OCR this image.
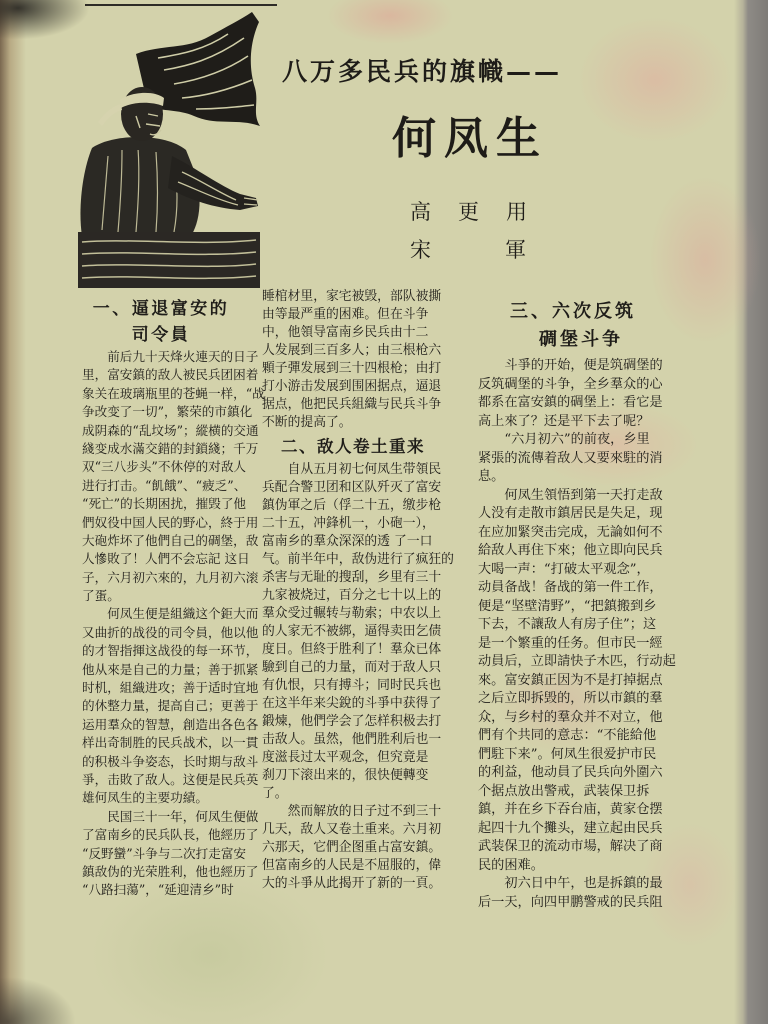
八万多民兵的旗幟——
何凤生
高更用
宋軍
一、逼退富安的
司令員
前后九十天烽火連天的日子
里，富安鎮的敌人被民兵团困着
象关在玻璃瓶里的苍蝇一样，“战
争改变了一切”，繁荣的市鎮化
成阴森的“乱坟场”；縱横的交通
綫变成水滿交錯的封鎖綫；千万
双“三八步头”不休停的对敌人
进行打击。“飢餓”、“疲乏”、
“死亡”的长期困扰，摧毁了他
們奴役中国人民的野心，終于用
大砲炸坏了他們自己的碉堡，敌
人慘敗了！人們不会忘記 这日
子，六月初六來的，九月初六滚
了蛋。
何凤生便是組織这个鉅大而
又曲折的战役的司令員，他以他
的才智指揮这战役的每一环节，
他从來是自己的力量；善于抓紧
时机，組織进攻；善于适时宜地
的休整力量，提高自己；更善于
运用羣众的智慧，創造出各色各
样出奇制胜的民兵战术，以一貫
的积极斗争姿态，长时期与敌斗
爭，击敗了敌人。这便是民兵英
雄何凤生的主要功績。
民国三十一年，何凤生便做
了富南乡的民兵队長，他經历了
“反野蠻”斗争与二次打走富安
鎮敌伪的光荣胜利，他也經历了
“八路扫蕩”，“延迎清乡”时
睡棺材里，家宅被毁，部队被撕
由等最严重的困难。但在斗争
中，他領导富南乡民兵由十二
人发展到三百多人；由三根枪六
顆子彈发展到三十四根枪；由打
打小游击发展到围困据点，逼退
据点，他把民兵組織与民兵斗争
不断的提高了。
二、敌人卷土重来
自从五月初七何凤生带領民
兵配合警卫团和区队歼灭了富安
鎮伪軍之后（俘二十五，缴步枪
二十五，冲鋒机一，小砲一），
富南乡的羣众深深的透 了一口
气。前半年中，敌伪进行了疯狂的
杀害与无耻的搜刮，乡里有三十
九家被烧过，百分之七十以上的
羣众受过輾转与勒索；中农以上
的人家无不被綁，逼得卖田乞债
度日。但終于胜利了！羣众已体
驗到自己的力量，而对于敌人只
有仇恨，只有搏斗；同时民兵也
在这半年来尖銳的斗爭中获得了
鍛煉，他們学会了怎样积极去打
击敌人。虽然，他們胜利后也一
度滋長过太平观念，但究竟是
刹刀下滚出来的，很快便轉变
了。
然而解放的日子过不到三十
几天，敌人又卷土重来。六月初
六那天，它們企图重占富安鎮。
但富南乡的人民是不屈服的，偉
大的斗爭从此揭开了新的一頁。
三、六次反筑
碉堡斗争
斗爭的开始，便是筑碉堡的
反筑碉堡的斗争，全乡羣众的心
都系在富安鎮的碉堡上：看它是
高上來了？还是平下去了呢？
“六月初六”的前夜，乡里
紧張的流傳着敌人又要來駐的消
息。
何凤生領悟到第一天打走敌
人没有走散市鎮居民是失足，现
在应加緊突击完成，无論如何不
給敌人再住下來；他立即向民兵
大喝一声：“打破太平观念”，
动員备战！备战的第一件工作，
便是“坚壁清野”，“把鎮搬到乡
下去，不讓敌人有房子住”；这
是一个繁重的任务。但市民一經
动員后，立即請快子木匹，行动起
來。富安鎮正因为不是打掉据点
之后立即拆毁的，所以市鎮的羣
众，与乡村的羣众并不对立，他
們有个共同的意志：“不能給他
們駐下来”。何凤生很爱护市民
的利益，他动員了民兵向外圍六
个据点放出警戒，武装保卫拆
鎮，并在乡下吞台庙，黄家仓摆
起四十九个攤头，建立起由民兵
武装保卫的流动市場，解决了商
民的困难。
初六日中午，也是拆鎮的最
后一天，向四甲鹏警戒的民兵阻
